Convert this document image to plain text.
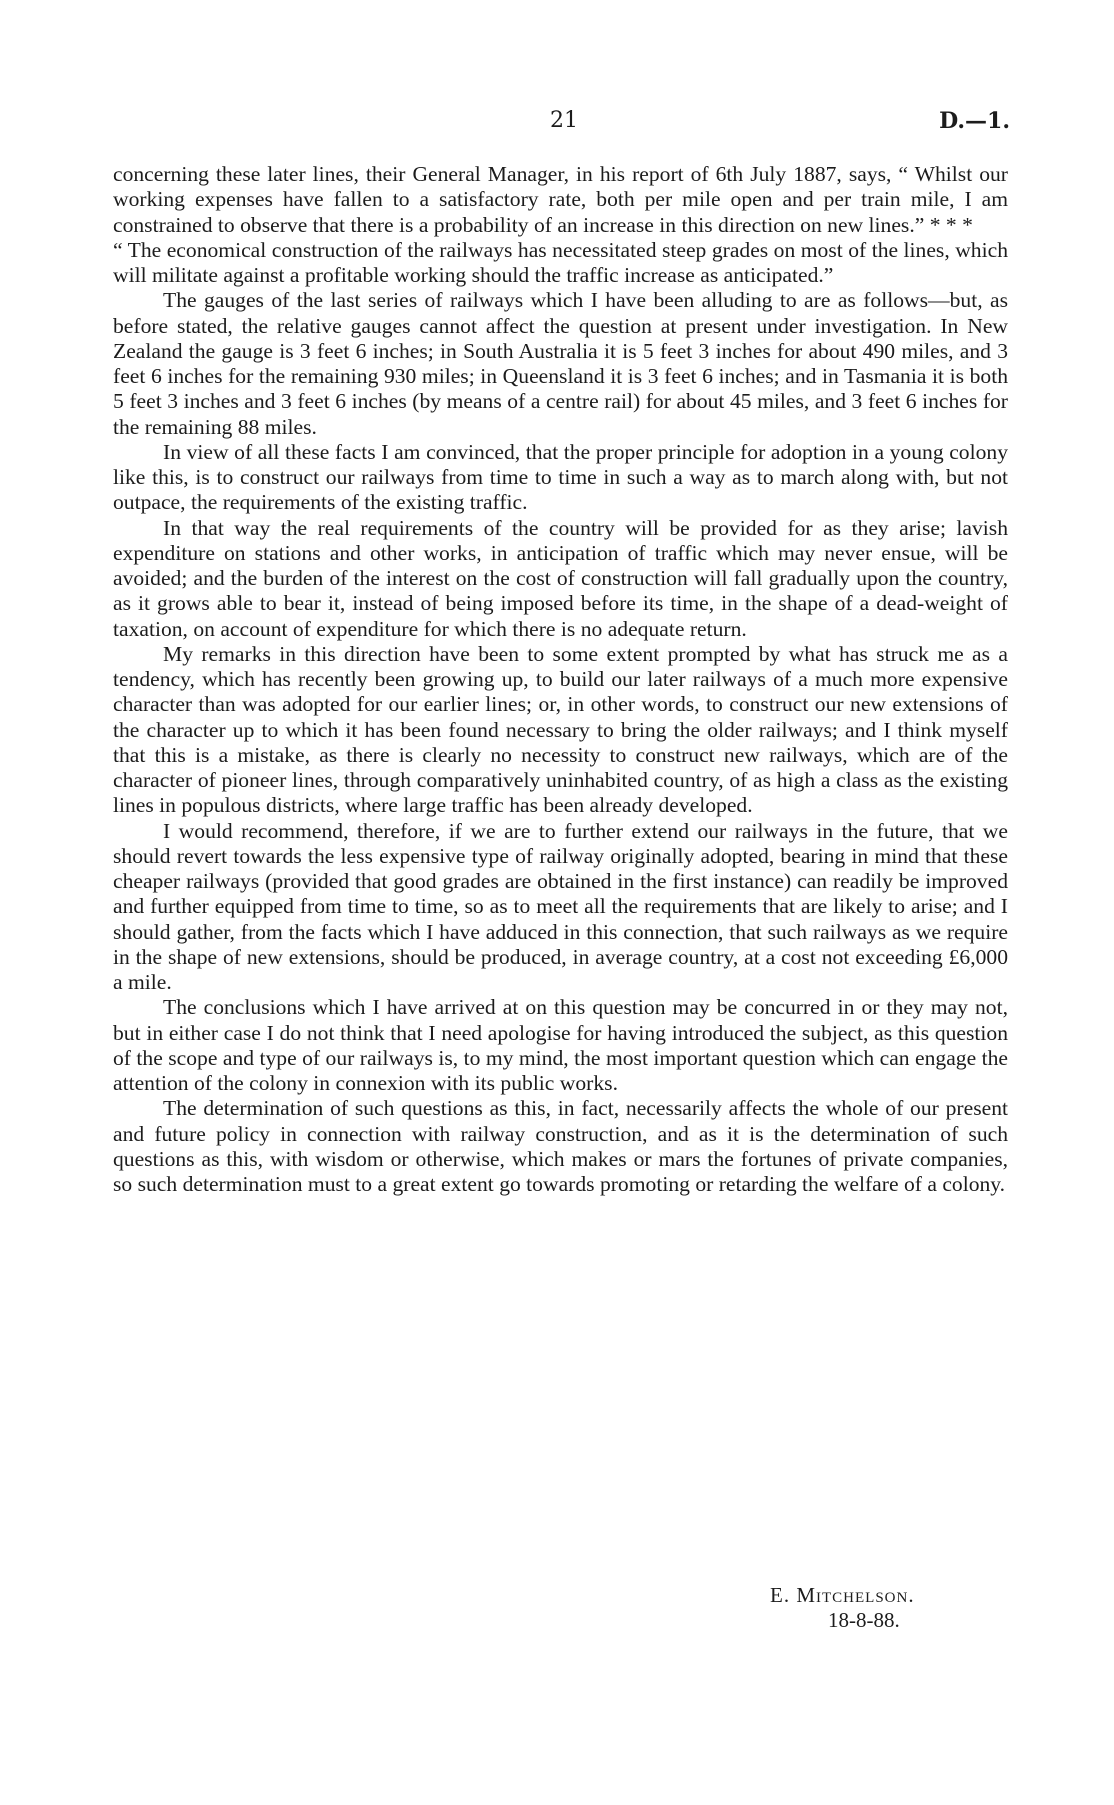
21	D.—1.

concerning these later lines, their General Manager, in his report of 6th July 1887, says, “ Whilst our working expenses have fallen to a satisfactory rate, both per mile open and per train mile, I am constrained to observe that there is a probability of an increase in this direction on new lines.” * * *

“ The economical construction of the railways has necessitated steep grades on most of the lines, which will militate against a profitable working should the traffic increase as anticipated.”

The gauges of the last series of railways which I have been alluding to are as follows—but, as before stated, the relative gauges cannot affect the question at present under investigation. In New Zealand the gauge is 3 feet 6 inches; in South Australia it is 5 feet 3 inches for about 490 miles, and 3 feet 6 inches for the remaining 930 miles; in Queensland it is 3 feet 6 inches; and in Tasmania it is both 5 feet 3 inches and 3 feet 6 inches (by means of a centre rail) for about 45 miles, and 3 feet 6 inches for the remaining 88 miles.

In view of all these facts I am convinced, that the proper principle for adoption in a young colony like this, is to construct our railways from time to time in such a way as to march along with, but not outpace, the requirements of the existing traffic.

In that way the real requirements of the country will be provided for as they arise; lavish expenditure on stations and other works, in anticipation of traffic which may never ensue, will be avoided; and the burden of the interest on the cost of construction will fall gradually upon the country, as it grows able to bear it, instead of being imposed before its time, in the shape of a dead-weight of taxation, on account of expenditure for which there is no adequate return.

My remarks in this direction have been to some extent prompted by what has struck me as a tendency, which has recently been growing up, to build our later railways of a much more expensive character than was adopted for our earlier lines; or, in other words, to construct our new extensions of the character up to which it has been found necessary to bring the older railways; and I think myself that this is a mistake, as there is clearly no necessity to construct new railways, which are of the character of pioneer lines, through comparatively uninhabited country, of as high a class as the existing lines in populous districts, where large traffic has been already developed.

I would recommend, therefore, if we are to further extend our railways in the future, that we should revert towards the less expensive type of railway originally adopted, bearing in mind that these cheaper railways (provided that good grades are obtained in the first instance) can readily be improved and further equipped from time to time, so as to meet all the requirements that are likely to arise; and I should gather, from the facts which I have adduced in this connection, that such railways as we require in the shape of new extensions, should be produced, in average country, at a cost not exceeding £6,000 a mile.

The conclusions which I have arrived at on this question may be concurred in or they may not, but in either case I do not think that I need apologise for having introduced the subject, as this question of the scope and type of our railways is, to my mind, the most important question which can engage the attention of the colony in connexion with its public works.

The determination of such questions as this, in fact, necessarily affects the whole of our present and future policy in connection with railway construction, and as it is the determination of such questions as this, with wisdom or otherwise, which makes or mars the fortunes of private companies, so such determination must to a great extent go towards promoting or retarding the welfare of a colony.

E. Mitchelson.
18-8-88.
